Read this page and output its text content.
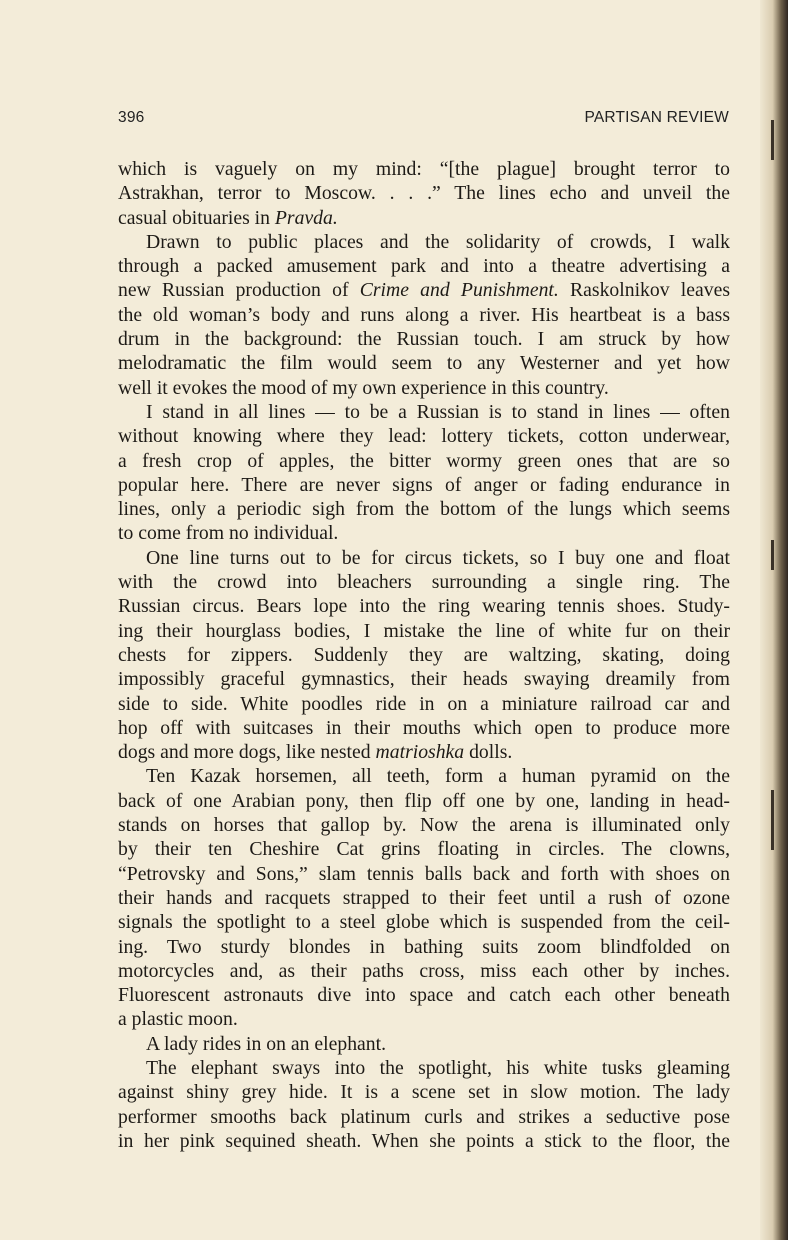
396	PARTISAN REVIEW
which is vaguely on my mind: “[the plague] brought terror to
Astrakhan, terror to Moscow. . . .” The lines echo and unveil the
casual obituaries in Pravda.
Drawn to public places and the solidarity of crowds, I walk
through a packed amusement park and into a theatre advertising a
new Russian production of Crime and Punishment. Raskolnikov leaves
the old woman’s body and runs along a river. His heartbeat is a bass
drum in the background: the Russian touch. I am struck by how
melodramatic the film would seem to any Westerner and yet how
well it evokes the mood of my own experience in this country.
I stand in all lines — to be a Russian is to stand in lines — often
without knowing where they lead: lottery tickets, cotton underwear,
a fresh crop of apples, the bitter wormy green ones that are so
popular here. There are never signs of anger or fading endurance in
lines, only a periodic sigh from the bottom of the lungs which seems
to come from no individual.
One line turns out to be for circus tickets, so I buy one and float
with the crowd into bleachers surrounding a single ring. The
Russian circus. Bears lope into the ring wearing tennis shoes. Study-
ing their hourglass bodies, I mistake the line of white fur on their
chests for zippers. Suddenly they are waltzing, skating, doing
impossibly graceful gymnastics, their heads swaying dreamily from
side to side. White poodles ride in on a miniature railroad car and
hop off with suitcases in their mouths which open to produce more
dogs and more dogs, like nested matrioshka dolls.
Ten Kazak horsemen, all teeth, form a human pyramid on the
back of one Arabian pony, then flip off one by one, landing in head-
stands on horses that gallop by. Now the arena is illuminated only
by their ten Cheshire Cat grins floating in circles. The clowns,
“Petrovsky and Sons,” slam tennis balls back and forth with shoes on
their hands and racquets strapped to their feet until a rush of ozone
signals the spotlight to a steel globe which is suspended from the ceil-
ing. Two sturdy blondes in bathing suits zoom blindfolded on
motorcycles and, as their paths cross, miss each other by inches.
Fluorescent astronauts dive into space and catch each other beneath
a plastic moon.
A lady rides in on an elephant.
The elephant sways into the spotlight, his white tusks gleaming
against shiny grey hide. It is a scene set in slow motion. The lady
performer smooths back platinum curls and strikes a seductive pose
in her pink sequined sheath. When she points a stick to the floor, the
